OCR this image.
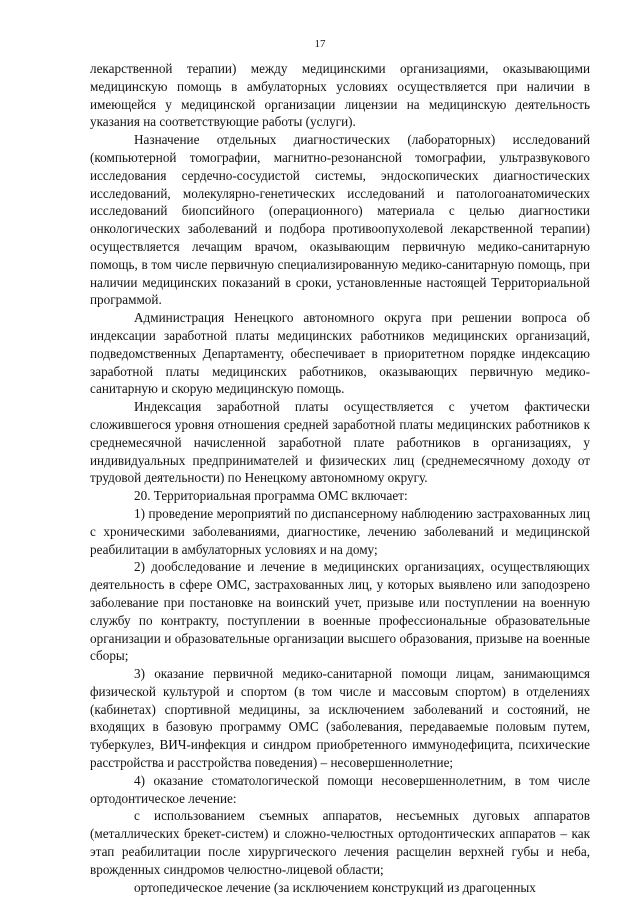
17

лекарственной терапии) между медицинскими организациями, оказывающими медицинскую помощь в амбулаторных условиях осуществляется при наличии в имеющейся у медицинской организации лицензии на медицинскую деятельность указания на соответствующие работы (услуги).

Назначение отдельных диагностических (лабораторных) исследований (компьютерной томографии, магнитно-резонансной томографии, ультразвукового исследования сердечно-сосудистой системы, эндоскопических диагностических исследований, молекулярно-генетических исследований и патологоанатомических исследований биопсийного (операционного) материала с целью диагностики онкологических заболеваний и подбора противоопухолевой лекарственной терапии) осуществляется лечащим врачом, оказывающим первичную медико-санитарную помощь, в том числе первичную специализированную медико-санитарную помощь, при наличии медицинских показаний в сроки, установленные настоящей Территориальной программой.

Администрация Ненецкого автономного округа при решении вопроса об индексации заработной платы медицинских работников медицинских организаций, подведомственных Департаменту, обеспечивает в приоритетном порядке индексацию заработной платы медицинских работников, оказывающих первичную медико-санитарную и скорую медицинскую помощь.

Индексация заработной платы осуществляется с учетом фактически сложившегося уровня отношения средней заработной платы медицинских работников к среднемесячной начисленной заработной плате работников в организациях, у индивидуальных предпринимателей и физических лиц (среднемесячному доходу от трудовой деятельности) по Ненецкому автономному округу.

20. Территориальная программа ОМС включает:

1) проведение мероприятий по диспансерному наблюдению застрахованных лиц с хроническими заболеваниями, диагностике, лечению заболеваний и медицинской реабилитации в амбулаторных условиях и на дому;

2) дообследование и лечение в медицинских организациях, осуществляющих деятельность в сфере ОМС, застрахованных лиц, у которых выявлено или заподозрено заболевание при постановке на воинский учет, призыве или поступлении на военную службу по контракту, поступлении в военные профессиональные образовательные организации и образовательные организации высшего образования, призыве на военные сборы;

3) оказание первичной медико-санитарной помощи лицам, занимающимся физической культурой и спортом (в том числе и массовым спортом) в отделениях (кабинетах) спортивной медицины, за исключением заболеваний и состояний, не входящих в базовую программу ОМС (заболевания, передаваемые половым путем, туберкулез, ВИЧ-инфекция и синдром приобретенного иммунодефицита, психические расстройства и расстройства поведения) – несовершеннолетние;

4) оказание стоматологической помощи несовершеннолетним, в том числе ортодонтическое лечение:

с использованием съемных аппаратов, несъемных дуговых аппаратов (металлических брекет-систем) и сложно-челюстных ортодонтических аппаратов – как этап реабилитации после хирургического лечения расщелин верхней губы и неба, врожденных синдромов челюстно-лицевой области;

ортопедическое лечение (за исключением конструкций из драгоценных
